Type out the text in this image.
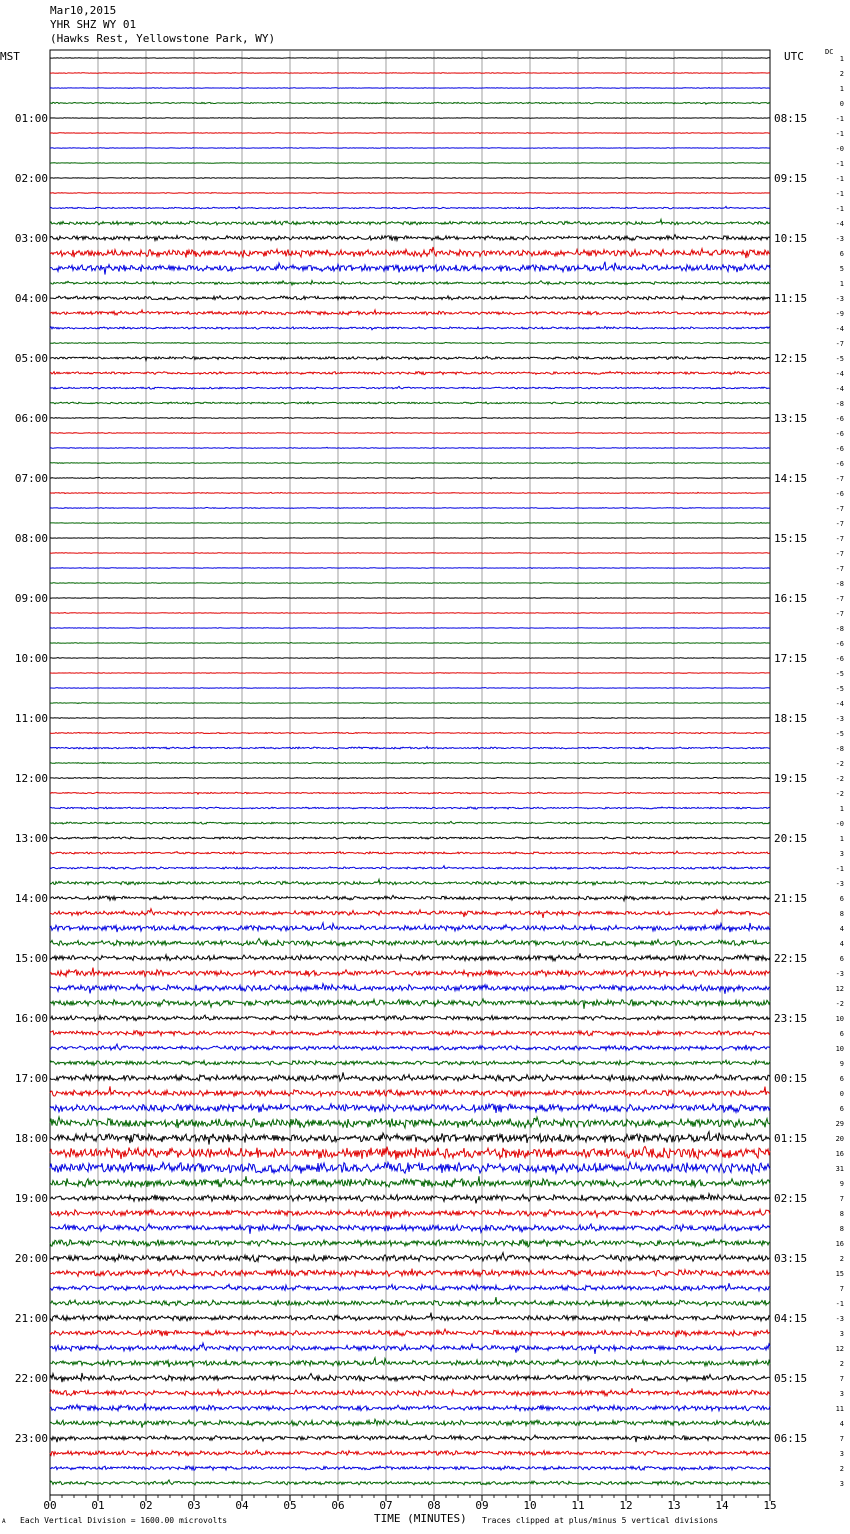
Mar10,2015
YHR SHZ WY 01
(Hawks Rest, Yellowstone Park, WY)
MST	UTC	DC
00	01	02	03	04	05	06	07	08	09	10	11	12	13	14	15
1
2
1
0
-1
-1
-0
-1
-1
-1
-1
-4
-3
6
5
1
-3
-9
-4
-7
-5
-4
-4
-8
-6
-6
-6
-6
-7
-6
-7
-7
-7
-7
-7
-8
-7
-7
-8
-6
-6
-5
-5
-4
-3
-5
-8
-2
-2
-2
1
-0
1
3
-1
-3
6
8
4
4
6
-3
12
-2
10
6
10
9
6
0
6
29
20
16
31
9
7
8
8
16
2
15
7
-1
-3
3
12
2
7
3
11
4
7
3
2
3
01:00
02:00
03:00
04:00
05:00
06:00
07:00
08:00
09:00
10:00
11:00
12:00
13:00
14:00
15:00
16:00
17:00
18:00
19:00
20:00
21:00
22:00
23:00
08:15
09:15
10:15
11:15
12:15
13:15
14:15
15:15
16:15
17:15
18:15
19:15
20:15
21:15
22:15
23:15
00:15
01:15
02:15
03:15
04:15
05:15
06:15
A Each Vertical Division = 1600.00 microvolts	TIME (MINUTES) Traces clipped at plus/minus 5 vertical divisions
